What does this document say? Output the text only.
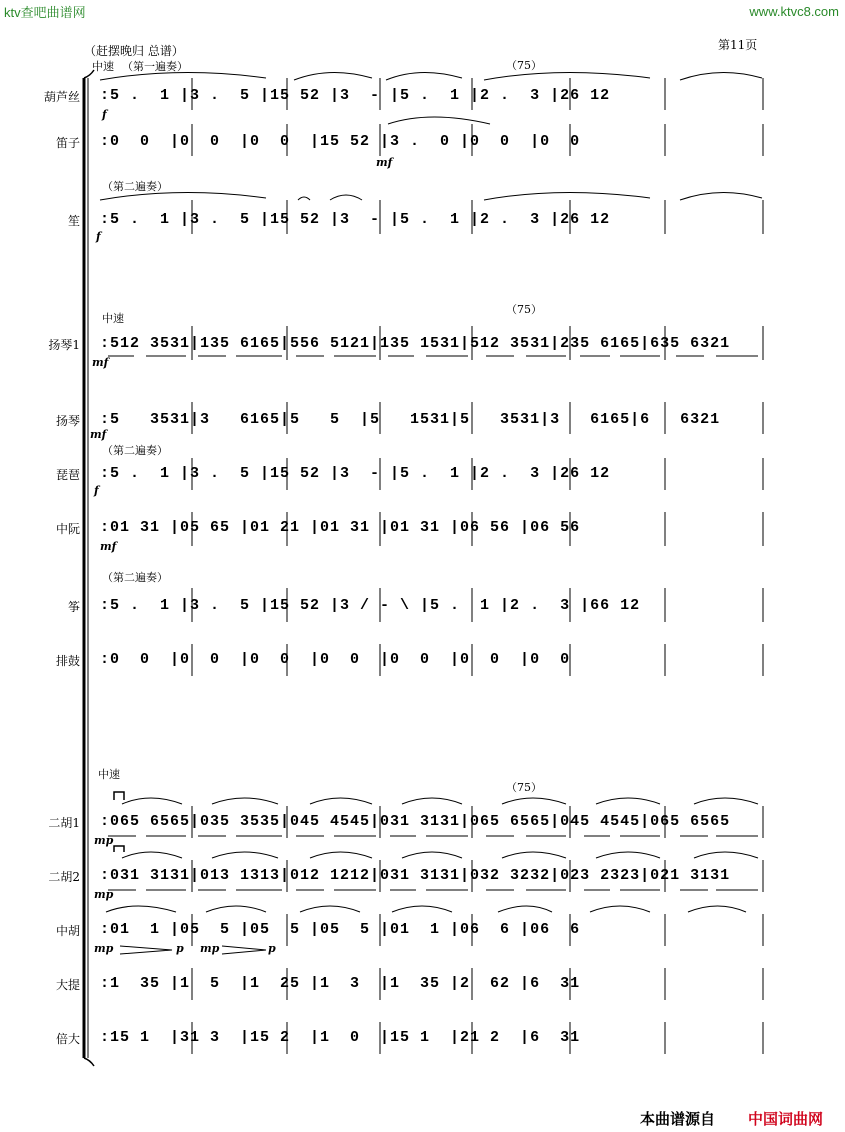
ktv查吧曲谱网	www.ktvc8.com
（赶摆晚归 总谱）	第11页
中速 （第一遍奏）	（75）
（75）
（75）
（第二遍奏）
（第二遍奏）
（第二遍奏）
中速
中速
葫芦丝 :5 .  1 |3 .  5 |15 52 |3  - |5 .  1 |2 .  3 |26 12
笛子 :0  0  |0  0  |0  0  |15 52 |3 .  0 |0  0  |0  0
笙 :5 .  1 |3 .  5 |15 52 |3  - |5 .  1 |2 .  3 |26 12
扬琴1 :512 3531|135 6165|556 5121|135 1531|512 3531|235 6165|635 6321
扬琴 :5   3531|3   6165|5   5  |5   1531|5   3531|3   6165|6   6321
琵琶 :5 .  1 |3 .  5 |15 52 |3  - |5 .  1 |2 .  3 |26 12
中阮 :01 31 |05 65 |01 21 |01 31 |01 31 |06 56 |06 56
筝 :5 .  1 |3 .  5 |15 52 |3 / - \ |5 .  1 |2 .  3 |66 12
排鼓 :0  0  |0  0  |0  0  |0  0  |0  0  |0  0  |0  0
二胡1 :065 6565|035 3535|045 4545|031 3131|065 6565|045 4545|065 6565
二胡2 :031 3131|013 1313|012 1212|031 3131|032 3232|023 2323|021 3131
中胡 :01  1 |05  5 |05  5 |05  5 |01  1 |06  6 |06  6
大提 :1  35 |1  5  |1  25 |1  3  |1  35 |2  62 |6  31
倍大 :15 1  |31 3  |15 2  |1  0  |15 1  |21 2  |6  31
f
mf
f
mf
mf
f
mf
mp
mp
mp	p mp	p
本曲谱源自 中国词曲网
